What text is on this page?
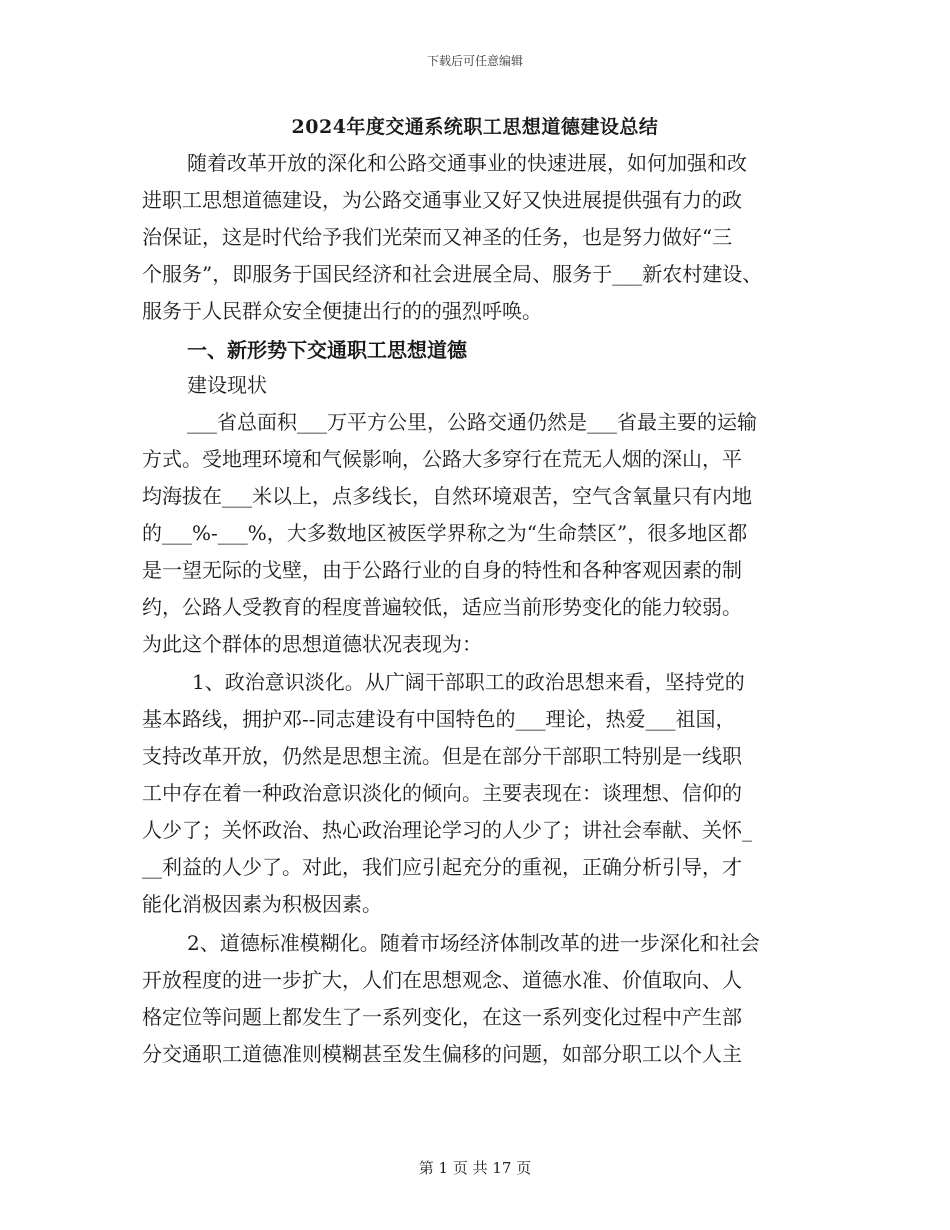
下载后可任意编辑
2024年度交通系统职工思想道德建设总结
随着改革开放的深化和公路交通事业的快速进展，如何加强和改
进职工思想道德建设，为公路交通事业又好又快进展提供强有力的政
治保证，这是时代给予我们光荣而又神圣的任务，也是努力做好“三
个服务”，即服务于国民经济和社会进展全局、服务于___新农村建设、
服务于人民群众安全便捷出行的的强烈呼唤。
一、新形势下交通职工思想道德
建设现状
___省总面积___万平方公里，公路交通仍然是___省最主要的运输
方式。受地理环境和气候影响，公路大多穿行在荒无人烟的深山，平
均海拔在___米以上，点多线长，自然环境艰苦，空气含氧量只有内地
的___%-___%，大多数地区被医学界称之为“生命禁区”，很多地区都
是一望无际的戈壁，由于公路行业的自身的特性和各种客观因素的制
约，公路人受教育的程度普遍较低，适应当前形势变化的能力较弱。
为此这个群体的思想道德状况表现为：
1、政治意识淡化。从广阔干部职工的政治思想来看，坚持党的
基本路线，拥护邓--同志建设有中国特色的___理论，热爱___祖国，
支持改革开放，仍然是思想主流。但是在部分干部职工特别是一线职
工中存在着一种政治意识淡化的倾向。主要表现在：谈理想、信仰的
人少了；关怀政治、热心政治理论学习的人少了；讲社会奉献、关怀_
__利益的人少了。对此，我们应引起充分的重视，正确分析引导，才
能化消极因素为积极因素。
2、道德标准模糊化。随着市场经济体制改革的进一步深化和社会
开放程度的进一步扩大，人们在思想观念、道德水准、价值取向、人
格定位等问题上都发生了一系列变化，在这一系列变化过程中产生部
分交通职工道德准则模糊甚至发生偏移的问题，如部分职工以个人主
第 1 页 共 17 页
